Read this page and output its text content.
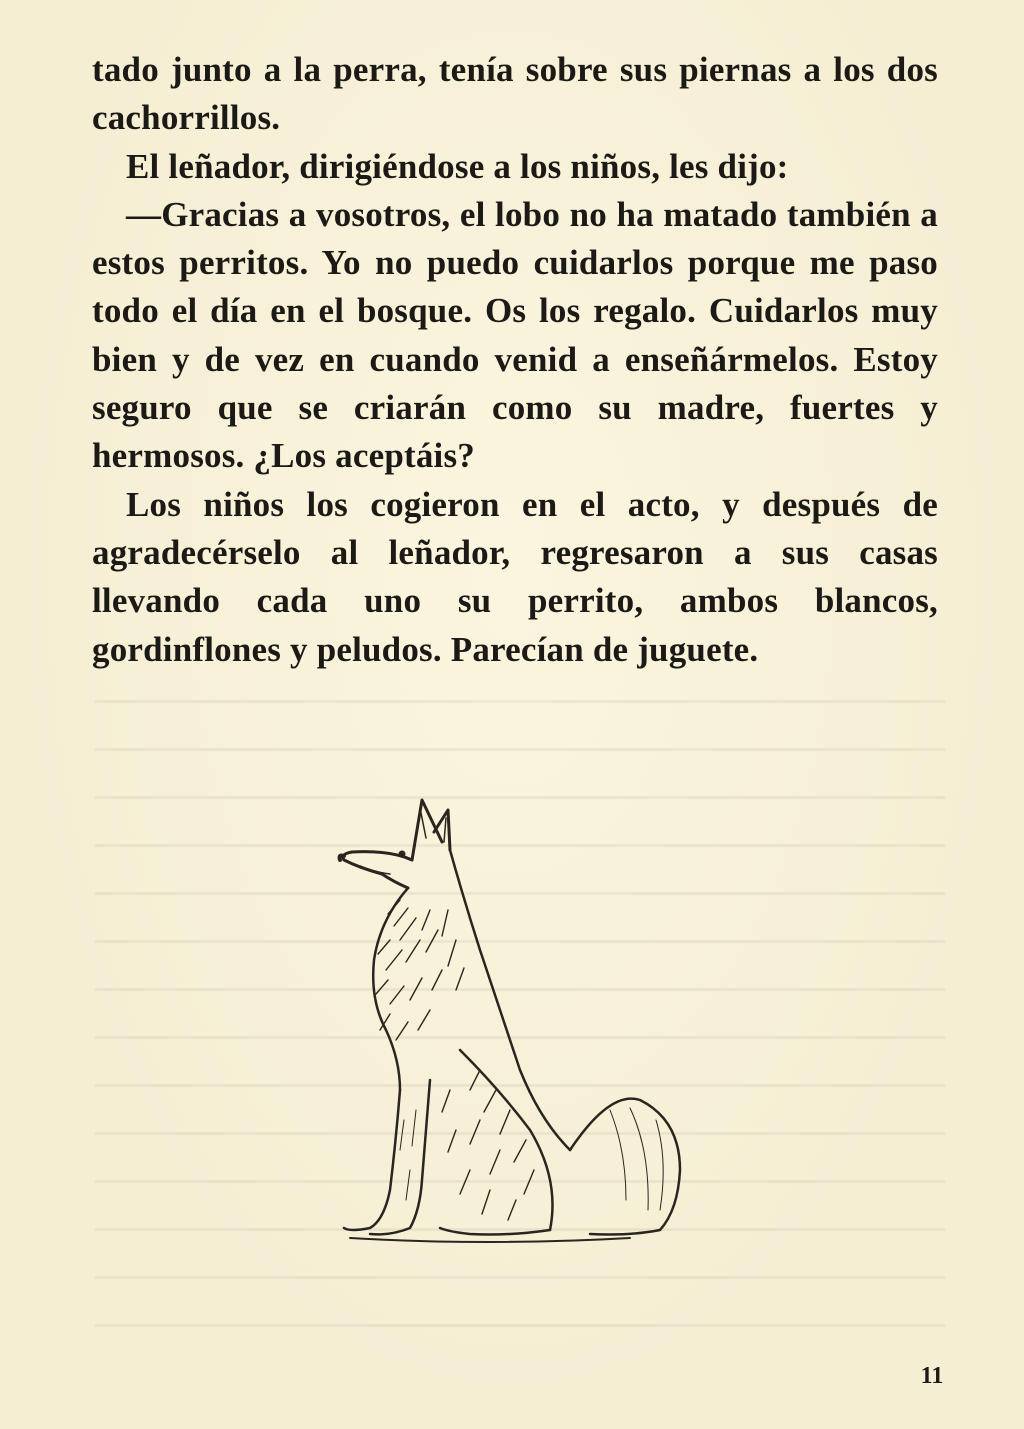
tado junto a la perra, tenía sobre sus piernas a los dos cachorrillos.

El leñador, dirigiéndose a los niños, les dijo:

—Gracias a vosotros, el lobo no ha matado también a estos perritos. Yo no puedo cuidarlos porque me paso todo el día en el bosque. Os los regalo. Cuidarlos muy bien y de vez en cuando venid a enseñármelos. Estoy seguro que se criarán como su madre, fuertes y hermosos. ¿Los aceptáis?

Los niños los cogieron en el acto, y después de agradecérselo al leñador, regresaron a sus casas llevando cada uno su perrito, ambos blancos, gordinflones y peludos. Parecían de juguete.

11
